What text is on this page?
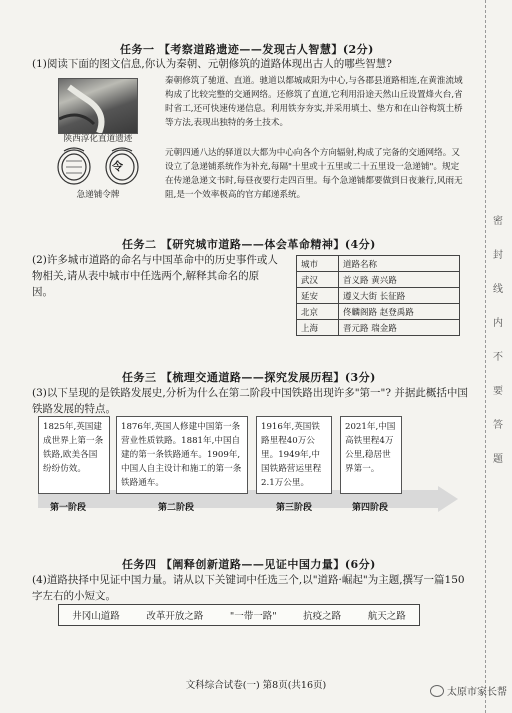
任务一 【考察道路遗迹——发现古人智慧】(2分)
(1)阅读下面的图文信息,你认为秦朝、元朝修筑的道路体现出古人的哪些智慧?
陕西淳化直道遗迹
秦朝修筑了驰道、直道。驰道以都城咸阳为中心,与各郡县道路相连,在黄淮流域构成了比较完整的交通网络。还修筑了直道,它利用沿途天然山丘设置烽火台,省时省工,还可快速传递信息。利用铁夯夯实,并采用填土、垫方和在山谷构筑土桥等方法,表现出独特的务土技术。
令
急递铺令牌
元朝四通八达的驿道以大都为中心向各个方向辐射,构成了完备的交通网络。又设立了急递铺系统作为补充,每隔"十里或十五里或二十五里设一急递铺"。规定在传递急递文书时,每昼夜要行走四百里。每个急递铺都要做到日夜兼行,风雨无阻,是一个效率极高的官方邮递系统。
任务二 【研究城市道路——体会革命精神】(4分)
(2)许多城市道路的命名与中国革命中的历史事件或人物相关,请从表中城市中任选两个,解释其命名的原因。
城市	道路名称
武汉	首义路 黄兴路
延安	遵义大街 长征路
北京	佟麟阁路 赵登禹路
上海	晋元路 瑞金路
任务三 【梳理交通道路——探究发展历程】(3分)
(3)以下呈现的是铁路发展史,分析为什么在第二阶段中国铁路出现许多"第一"? 并据此概括中国铁路发展的特点。
1825年,英国建成世界上第一条铁路,欧美各国纷纷仿效。
1876年,英国人修建中国第一条营业性质铁路。1881年,中国自建的第一条铁路通车。1909年,中国人自主设计和施工的第一条铁路通车。
1916年,英国铁路里程40万公里。1949年,中国铁路营运里程2.1万公里。
2021年,中国高铁里程4万公里,稳居世界第一。
第一阶段	第二阶段	第三阶段	第四阶段
任务四 【阐释创新道路——见证中国力量】(6分)
(4)道路抉择中见证中国力量。请从以下关键词中任选三个,以"道路·崛起"为主题,撰写一篇150字左右的小短文。
井冈山道路	改革开放之路	"一带一路"	抗疫之路	航天之路
密
封
线
内
不
要
答
题
文科综合试卷(一) 第8页(共16页)
太原市家长帮
